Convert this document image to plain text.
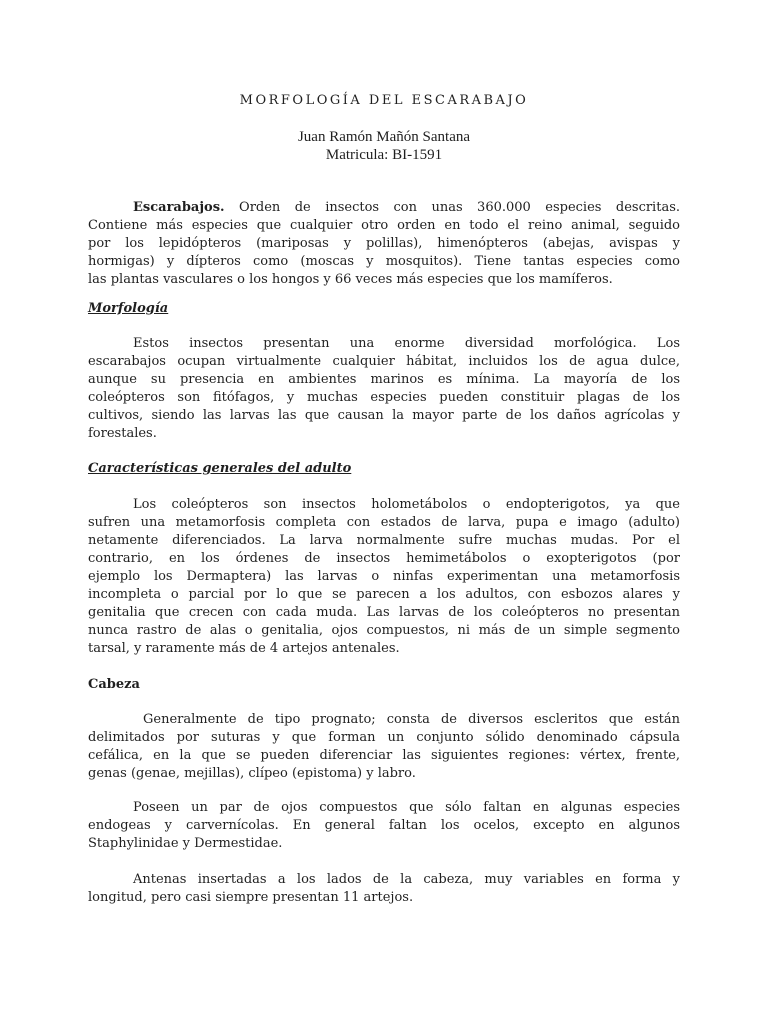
MORFOLOGÍA DEL ESCARABAJO
Juan Ramón Mañón Santana
Matricula: BI-1591
Escarabajos. Orden de insectos con unas 360.000 especies descritas.
Contiene más especies que cualquier otro orden en todo el reino animal, seguido
por los lepidópteros (mariposas y polillas), himenópteros (abejas, avispas y
hormigas) y dípteros como (moscas y mosquitos). Tiene tantas especies como
las plantas vasculares o los hongos y 66 veces más especies que los mamíferos.
Morfología
Estos insectos presentan una enorme diversidad morfológica. Los
escarabajos ocupan virtualmente cualquier hábitat, incluidos los de agua dulce,
aunque su presencia en ambientes marinos es mínima. La mayoría de los
coleópteros son fitófagos, y muchas especies pueden constituir plagas de los
cultivos, siendo las larvas las que causan la mayor parte de los daños agrícolas y
forestales.
Características generales del adulto
Los coleópteros son insectos holometábolos o endopterigotos, ya que
sufren una metamorfosis completa con estados de larva, pupa e imago (adulto)
netamente diferenciados. La larva normalmente sufre muchas mudas. Por el
contrario, en los órdenes de insectos hemimetábolos o exopterigotos (por
ejemplo los Dermaptera) las larvas o ninfas experimentan una metamorfosis
incompleta o parcial por lo que se parecen a los adultos, con esbozos alares y
genitalia que crecen con cada muda. Las larvas de los coleópteros no presentan
nunca rastro de alas o genitalia, ojos compuestos, ni más de un simple segmento
tarsal, y raramente más de 4 artejos antenales.
Cabeza
Generalmente de tipo prognato; consta de diversos escleritos que están
delimitados por suturas y que forman un conjunto sólido denominado cápsula
cefálica, en la que se pueden diferenciar las siguientes regiones: vértex, frente,
genas (genae, mejillas), clípeo (epistoma) y labro.
Poseen un par de ojos compuestos que sólo faltan en algunas especies
endogeas y carvernícolas. En general faltan los ocelos, excepto en algunos
Staphylinidae y Dermestidae.
Antenas insertadas a los lados de la cabeza, muy variables en forma y
longitud, pero casi siempre presentan 11 artejos.
